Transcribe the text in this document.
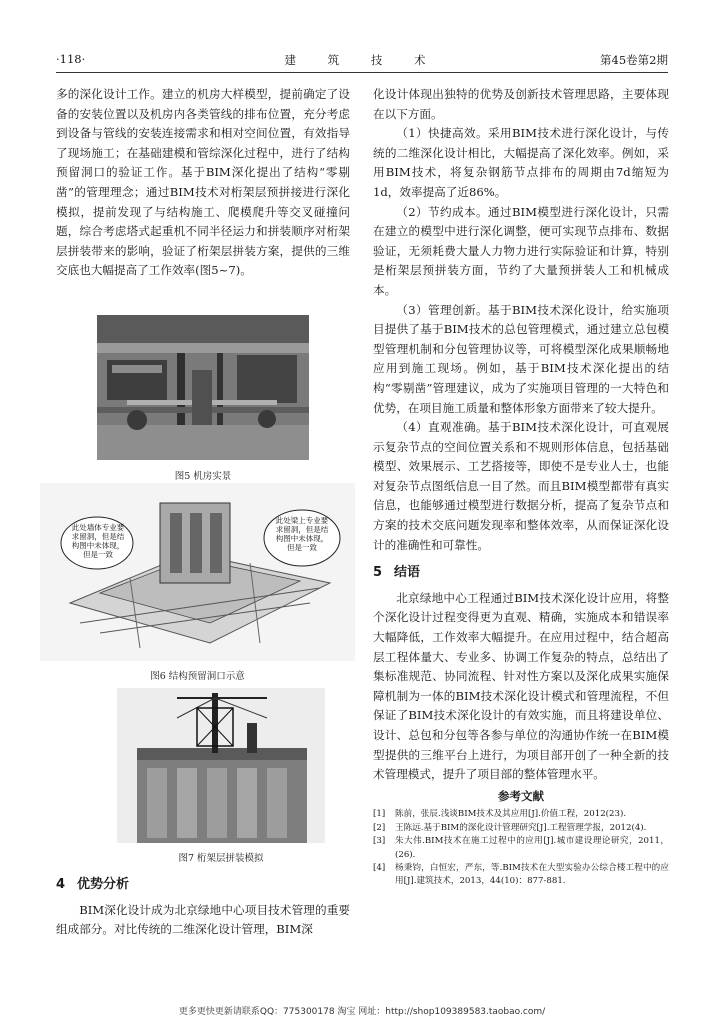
·118·	建 筑 技 术	第45卷第2期

多的深化设计工作。建立的机房大样模型，提前确定了设备的安装位置以及机房内各类管线的排布位置，充分考虑到设备与管线的安装连接需求和相对空间位置，有效指导了现场施工；在基础建模和管综深化过程中，进行了结构预留洞口的验证工作。基于BIM深化提出了结构“零剔凿”的管理理念；通过BIM技术对桁架层预拼接进行深化模拟，提前发现了与结构施工、爬模爬升等交叉碰撞问题，综合考虑塔式起重机不同半径运力和拼装顺序对桁架层拼装带来的影响，验证了桁架层拼装方案，提供的三维交底也大幅提高了工作效率(图5~7)。

图5 机房实景
此处墙体专业要求留洞，但是结构图中未体现，但是一致
此处梁上专业要求留洞，但是结构图中未体现，但是一致
图6 结构预留洞口示意
图7 桁架层拼装模拟
4 优势分析

BIM深化设计成为北京绿地中心项目技术管理的重要组成部分。对比传统的二维深化设计管理，BIM深

化设计体现出独特的优势及创新技术管理思路，主要体现在以下方面。

（1）快捷高效。采用BIM技术进行深化设计，与传统的二维深化设计相比，大幅提高了深化效率。例如，采用BIM技术，将复杂钢筋节点排布的周期由7d缩短为1d，效率提高了近86%。

（2）节约成本。通过BIM模型进行深化设计，只需在建立的模型中进行深化调整，便可实现节点排布、数据验证，无须耗费大量人力物力进行实际验证和计算，特别是桁架层预拼装方面，节约了大量预拼装人工和机械成本。

（3）管理创新。基于BIM技术深化设计，给实施项目提供了基于BIM技术的总包管理模式，通过建立总包模型管理机制和分包管理协议等，可将模型深化成果顺畅地应用到施工现场。例如，基于BIM技术深化提出的结构“零剔凿”管理建议，成为了实施项目管理的一大特色和优势，在项目施工质量和整体形象方面带来了较大提升。

（4）直观准确。基于BIM技术深化设计，可直观展示复杂节点的空间位置关系和不规则形体信息，包括基础模型、效果展示、工艺搭接等，即使不是专业人士，也能对复杂节点图纸信息一目了然。而且BIM模型都带有真实信息，也能够通过模型进行数据分析，提高了复杂节点和方案的技术交底问题发现率和整体效率，从而保证深化设计的准确性和可靠性。

5 结语

北京绿地中心工程通过BIM技术深化设计应用，将整个深化设计过程变得更为直观、精确，实施成本和错误率大幅降低，工作效率大幅提升。在应用过程中，结合超高层工程体量大、专业多、协调工作复杂的特点，总结出了集标准规范、协同流程、针对性方案以及深化成果实施保障机制为一体的BIM技术深化设计模式和管理流程，不但保证了BIM技术深化设计的有效实施，而且将建设单位、设计、总包和分包等各参与单位的沟通协作统一在BIM模型提供的三维平台上进行，为项目部开创了一种全新的技术管理模式，提升了项目部的整体管理水平。

参考文献
[1]	陈前，张辰.浅谈BIM技术及其应用[J].价值工程，2012(23).
[2]	王陈远.基于BIM的深化设计管理研究[J].工程管理学报，2012(4).
[3]	朱大伟.BIM技术在施工过程中的应用[J].城市建设理论研究，2011，(26).
[4]	杨秉钧，白恒宏，严东，等.BIM技术在大型实验办公综合楼工程中的应用[J].建筑技术，2013，44(10)：877-881.
更多更快更新请联系QQ：775300178 淘宝 网址：http://shop109389583.taobao.com/
